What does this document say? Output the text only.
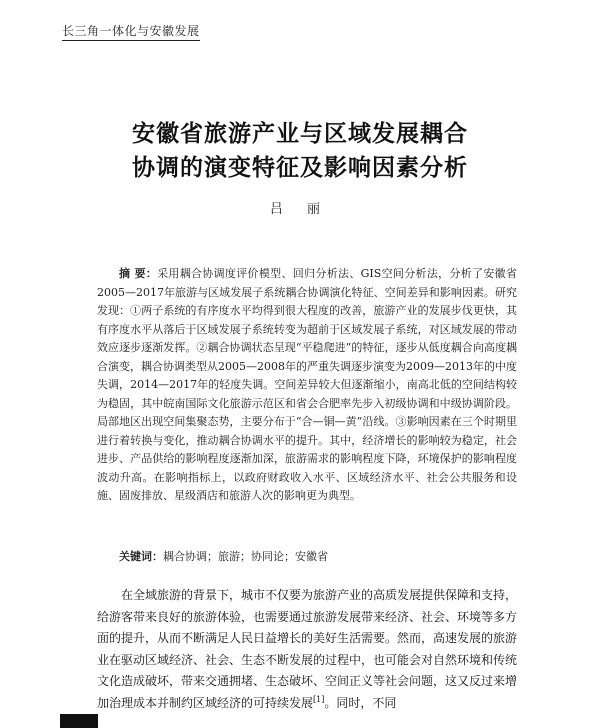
长三角一体化与安徽发展
安徽省旅游产业与区域发展耦合
协调的演变特征及影响因素分析
吕 丽

摘 要：采用耦合协调度评价模型、回归分析法、GIS空间分析法，分析了安徽省2005—2017年旅游与区域发展子系统耦合协调演化特征、空间差异和影响因素。研究发现：①两子系统的有序度水平均得到很大程度的改善，旅游产业的发展步伐更快，其有序度水平从落后于区域发展子系统转变为超前于区域发展子系统，对区域发展的带动效应逐步逐渐发挥。②耦合协调状态呈现“平稳爬进”的特征，逐步从低度耦合向高度耦合演变，耦合协调类型从2005—2008年的严重失调逐步演变为2009—2013年的中度失调，2014—2017年的轻度失调。空间差异较大但逐渐缩小，南高北低的空间结构较为稳固，其中皖南国际文化旅游示范区和省会合肥率先步入初级协调和中级协调阶段。局部地区出现空间集聚态势，主要分布于“合—铜—黄”沿线。③影响因素在三个时期里进行着转换与变化，推动耦合协调水平的提升。其中，经济增长的影响较为稳定，社会进步、产品供给的影响程度逐渐加深，旅游需求的影响程度下降，环境保护的影响程度波动升高。在影响指标上，以政府财政收入水平、区域经济水平、社会公共服务和设施、固废排放、星级酒店和旅游人次的影响更为典型。

关键词：耦合协调；旅游；协同论；安徽省

在全域旅游的背景下，城市不仅要为旅游产业的高质发展提供保障和支持，给游客带来良好的旅游体验，也需要通过旅游发展带来经济、社会、环境等多方面的提升，从而不断满足人民日益增长的美好生活需要。然而，高速发展的旅游业在驱动区域经济、社会、生态不断发展的过程中，也可能会对自然环境和传统文化造成破坏，带来交通拥堵、生态破坏、空间正义等社会问题，这又反过来增加治理成本并制约区域经济的可持续发展[1]。同时，不同
